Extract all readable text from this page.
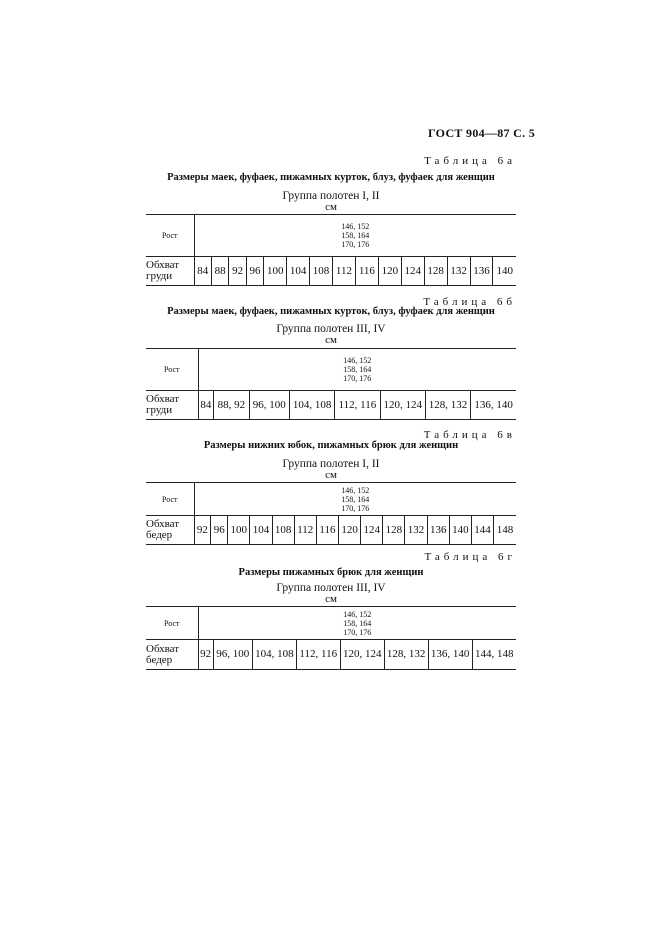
ГОСТ 904—87 С. 5
Таблица 6а
Размеры маек, фуфаек, пижамных курток, блуз, фуфаек для женщин
Группа полотен I, II
см
Рост	146, 152
158, 164
170, 176														

Обхват
груди	84	88	92	96	100	104	108	112	116	120	124	128	132	136	140
Таблица 6б
Размеры маек, фуфаек, пижамных курток, блуз, фуфаек для женщин
Группа полотен III, IV
см
Рост	146, 152
158, 164
170, 176							

Обхват
груди	84	88, 92	96, 100	104, 108	112, 116	120, 124	128, 132	136, 140
Таблица 6в
Размеры нижних юбок, пижамных брюк для женщин
Группа полотен I, II
см
Рост	146, 152
158, 164
170, 176														

Обхват
бедер	92	96	100	104	108	112	116	120	124	128	132	136	140	144	148
Таблица 6г
Размеры пижамных брюк для женщин
Группа полотен III, IV
см
Рост	146, 152
158, 164
170, 176							

Обхват
бедер	92	96, 100	104, 108	112, 116	120, 124	128, 132	136, 140	144, 148
